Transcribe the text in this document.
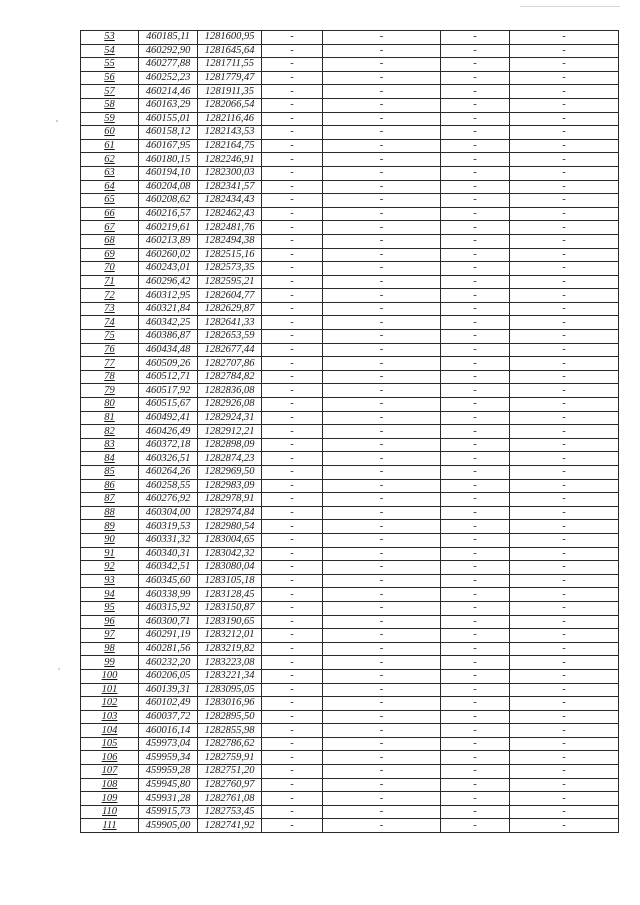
53	460185,11	1281600,95	-	-	-	-
54	460292,90	1281645,64	-	-	-	-
55	460277,88	1281711,55	-	-	-	-
56	460252,23	1281779,47	-	-	-	-
57	460214,46	1281911,35	-	-	-	-
58	460163,29	1282066,54	-	-	-	-
59	460155,01	1282116,46	-	-	-	-
60	460158,12	1282143,53	-	-	-	-
61	460167,95	1282164,75	-	-	-	-
62	460180,15	1282246,91	-	-	-	-
63	460194,10	1282300,03	-	-	-	-
64	460204,08	1282341,57	-	-	-	-
65	460208,62	1282434,43	-	-	-	-
66	460216,57	1282462,43	-	-	-	-
67	460219,61	1282481,76	-	-	-	-
68	460213,89	1282494,38	-	-	-	-
69	460260,02	1282515,16	-	-	-	-
70	460243,01	1282573,35	-	-	-	-
71	460296,42	1282595,21	-	-	-	-
72	460312,95	1282604,77	-	-	-	-
73	460321,84	1282629,87	-	-	-	-
74	460342,25	1282641,33	-	-	-	-
75	460386,87	1282653,59	-	-	-	-
76	460434,48	1282677,44	-	-	-	-
77	460509,26	1282707,86	-	-	-	-
78	460512,71	1282784,82	-	-	-	-
79	460517,92	1282836,08	-	-	-	-
80	460515,67	1282926,08	-	-	-	-
81	460492,41	1282924,31	-	-	-	-
82	460426,49	1282912,21	-	-	-	-
83	460372,18	1282898,09	-	-	-	-
84	460326,51	1282874,23	-	-	-	-
85	460264,26	1282969,50	-	-	-	-
86	460258,55	1282983,09	-	-	-	-
87	460276,92	1282978,91	-	-	-	-
88	460304,00	1282974,84	-	-	-	-
89	460319,53	1282980,54	-	-	-	-
90	460331,32	1283004,65	-	-	-	-
91	460340,31	1283042,32	-	-	-	-
92	460342,51	1283080,04	-	-	-	-
93	460345,60	1283105,18	-	-	-	-
94	460338,99	1283128,45	-	-	-	-
95	460315,92	1283150,87	-	-	-	-
96	460300,71	1283190,65	-	-	-	-
97	460291,19	1283212,01	-	-	-	-
98	460281,56	1283219,82	-	-	-	-
99	460232,20	1283223,08	-	-	-	-
100	460206,05	1283221,34	-	-	-	-
101	460139,31	1283095,05	-	-	-	-
102	460102,49	1283016,96	-	-	-	-
103	460037,72	1282895,50	-	-	-	-
104	460016,14	1282855,98	-	-	-	-
105	459973,04	1282786,62	-	-	-	-
106	459959,34	1282759,91	-	-	-	-
107	459959,28	1282751,20	-	-	-	-
108	459945,80	1282760,97	-	-	-	-
109	459931,28	1282761,08	-	-	-	-
110	459915,73	1282753,45	-	-	-	-
111	459905,00	1282741,92	-	-	-	-
